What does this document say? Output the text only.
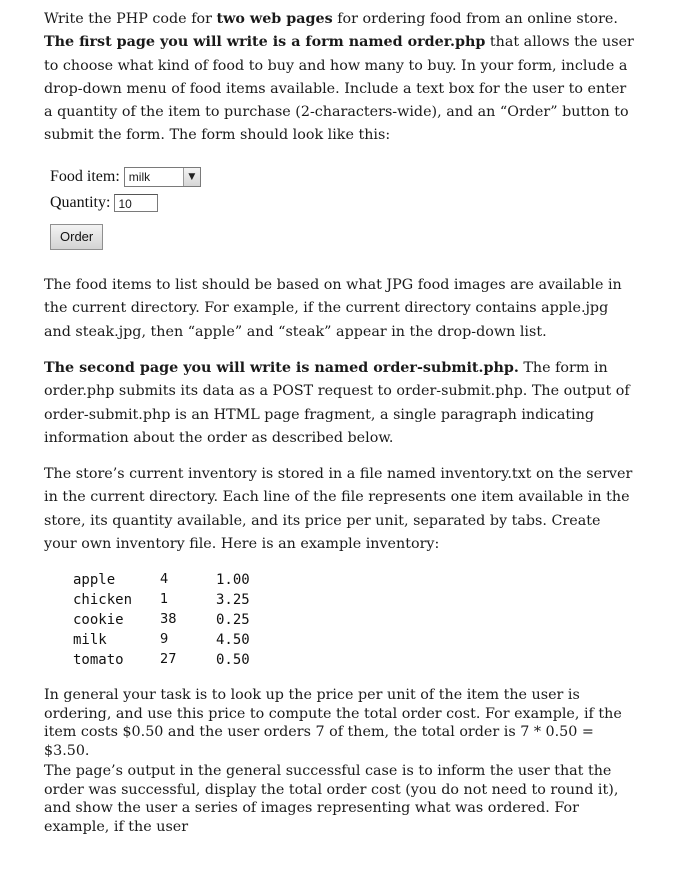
Write the PHP code for two web pages for ordering food from an online store. The first page you will write is a form named order.php that allows the user to choose what kind of food to buy and how many to buy. In your form, include a drop-down menu of food items available. Include a text box for the user to enter a quantity of the item to purchase (2-characters-wide), and an “Order” button to submit the form. The form should look like this:

Food item: milk	▼
Quantity: 10
Order

The food items to list should be based on what JPG food images are available in the current directory. For example, if the current directory contains apple.jpg and steak.jpg, then “apple” and “steak” appear in the drop-down list.

The second page you will write is named order-submit.php. The form in order.php submits its data as a POST request to order-submit.php. The output of order-submit.php is an HTML page fragment, a single paragraph indicating information about the order as described below.

The store’s current inventory is stored in a file named inventory.txt on the server in the current directory. Each line of the file represents one item available in the store, its quantity available, and its price per unit, separated by tabs. Create your own inventory file. Here is an example inventory:

apple	4	1.00
chicken	1	3.25
cookie	38	0.25
milk	9	4.50
tomato	27	0.50

In general your task is to look up the price per unit of the item the user is ordering, and use this price to compute the total order cost. For example, if the item costs $0.50 and the user orders 7 of them, the total order is 7 * 0.50 = $3.50.

The page’s output in the general successful case is to inform the user that the order was successful, display the total order cost (you do not need to round it), and show the user a series of images representing what was ordered. For example, if the user
